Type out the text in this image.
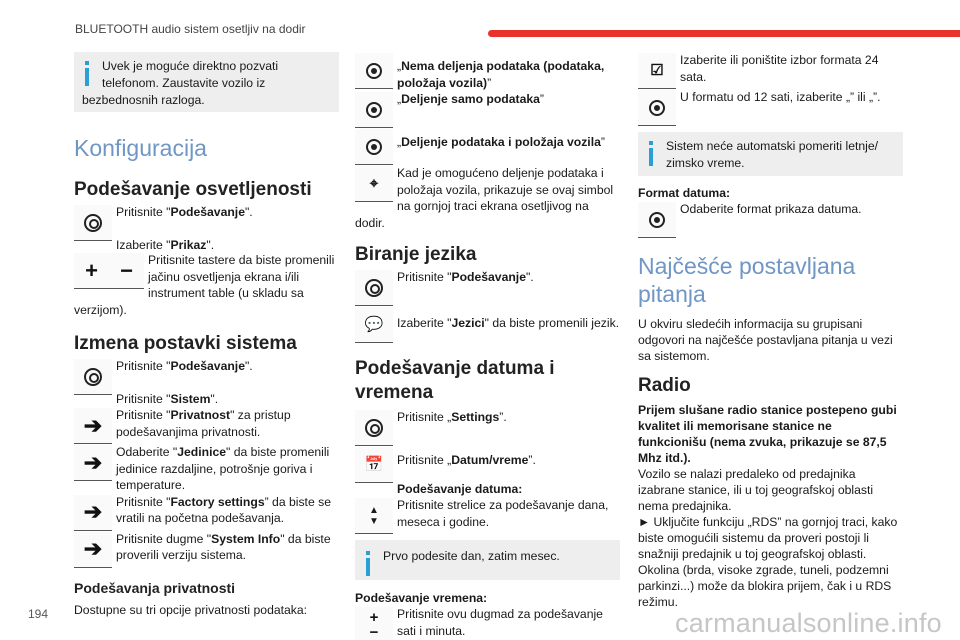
BLUETOOTH audio sistem osetljiv na dodir
Uvek je moguće direktno pozvati telefonom. Zaustavite vozilo iz bezbednosnih razloga.
Konfiguracija
Podešavanje osvetljenosti
Pritisnite "Podešavanje".

Izaberite "Prikaz".

+ −	Pritisnite tastere da biste promenili jačinu osvetljenja ekrana i/ili instrument table (u skladu sa verzijom).
Izmena postavki sistema
Pritisnite "Podešavanje".

Pritisnite "Sistem".

➔	Pritisnite "Privatnost" za pristup podešavanjima privatnosti.
➔	Odaberite "Jedinice" da biste promenili jedinice razdaljine, potrošnje goriva i temperature.
➔	Pritisnite "Factory settings” da biste se vratili na početna podešavanja.
➔	Pritisnite dugme "System Info" da biste proverili verziju sistema.
Podešavanja privatnosti

Dostupne su tri opcije privatnosti podataka:

„Nema deljenja podataka (podataka, položaja vozila)”
„Deljenje samo podataka”
„Deljenje podataka i položaja vozila”
⌖
Kad je omogućeno deljenje podataka i položaja vozila, prikazuje se ovaj simbol na gornjoj traci ekrana osetljivog na dodir.
Biranje jezika
Pritisnite "Podešavanje".
💬	Izaberite "Jezici" da biste promenili jezik.
Podešavanje datuma i vremena
Pritisnite „Settings”.
📅	Pritisnite „Datum/vreme”.

Podešavanje datuma:

▲
▼
Pritisnite strelice za podešavanje dana, meseca i godine.
Prvo podesite dan, zatim mesec.

Podešavanje vremena:

+
−
Pritisnite ovu dugmad za podešavanje sati i minuta.
☑
Izaberite ili poništite izbor formata 24 sata.
U formatu od 12 sati, izaberite „” ili „”.
Sistem neće automatski pomeriti letnje/ zimsko vreme.

Format datuma:

Odaberite format prikaza datuma.
Najčešće postavljana pitanja

U okviru sledećih informacija su grupisani odgovori na najčešće postavljana pitanja u vezi sa sistemom.

Radio

Prijem slušane radio stanice postepeno gubi kvalitet ili memorisane stanice ne funkcionišu (nema zvuka, prikazuje se 87,5 Mhz itd.).

Vozilo se nalazi predaleko od predajnika izabrane stanice, ili u toj geografskoj oblasti nema predajnika.

► Uključite funkciju „RDS” na gornjoj traci, kako biste omogućili sistemu da proveri postoji li snažniji predajnik u toj geografskoj oblasti.

Okolina (brda, visoke zgrade, tuneli, podzemni parkinzi...) može da blokira prijem, čak i u RDS režimu.

194	carmanualsonline.info
